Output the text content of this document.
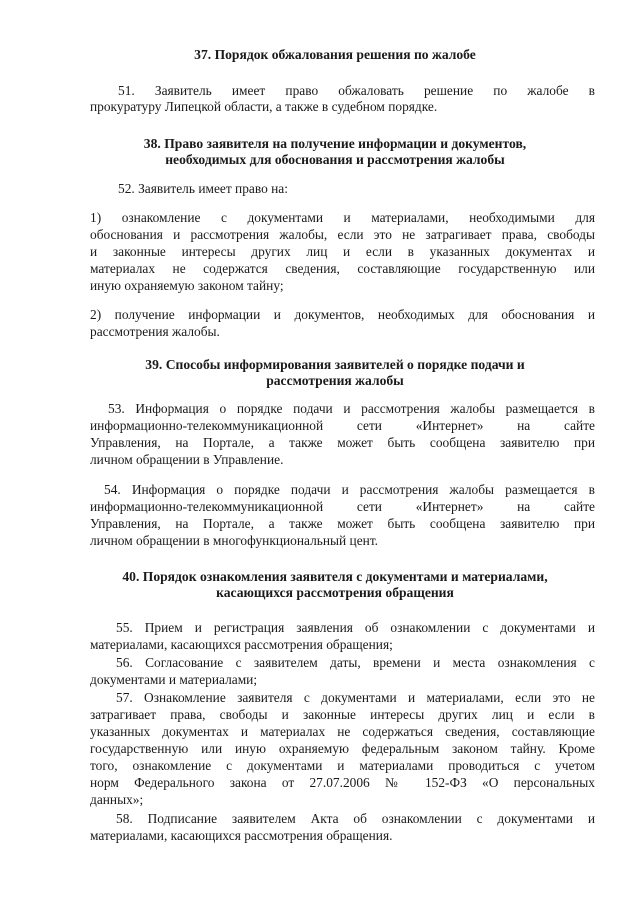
37. Порядок обжалования решения по жалобе

51. Заявитель имеет право обжаловать решение по жалобе в

прокуратуру Липецкой области, а также в судебном порядке.

38. Право заявителя на получение информации и документов,

необходимых для обоснования и рассмотрения жалобы

52. Заявитель имеет право на:

1) ознакомление с документами и материалами, необходимыми для

обоснования и рассмотрения жалобы, если это не затрагивает права, свободы

и законные интересы других лиц и если в указанных документах и

материалах не содержатся сведения, составляющие государственную или

иную охраняемую законом тайну;

2) получение информации и документов, необходимых для обоснования и

рассмотрения жалобы.

39. Способы информирования заявителей о порядке подачи и

рассмотрения жалобы

53. Информация о порядке подачи и рассмотрения жалобы размещается в

информационно-телекоммуникационной сети «Интернет» на сайте

Управления, на Портале, а также может быть сообщена заявителю при

личном обращении в Управление.

54. Информация о порядке подачи и рассмотрения жалобы размещается в

информационно-телекоммуникационной сети «Интернет» на сайте

Управления, на Портале, а также может быть сообщена заявителю при

личном обращении в многофункциональный цент.

40. Порядок ознакомления заявителя с документами и материалами,

касающихся рассмотрения обращения

55. Прием и регистрация заявления об ознакомлении с документами и

материалами, касающихся рассмотрения обращения;

56. Согласование с заявителем даты, времени и места ознакомления с

документами и материалами;

57. Ознакомление заявителя с документами и материалами, если это не

затрагивает права, свободы и законные интересы других лиц и если в

указанных документах и материалах не содержаться сведения, составляющие

государственную или иную охраняемую федеральным законом тайну. Кроме

того, ознакомление с документами и материалами проводиться с учетом

норм Федерального закона от 27.07.2006 № 152-ФЗ «О персональных

данных»;

58. Подписание заявителем Акта об ознакомлении с документами и

материалами, касающихся рассмотрения обращения.
